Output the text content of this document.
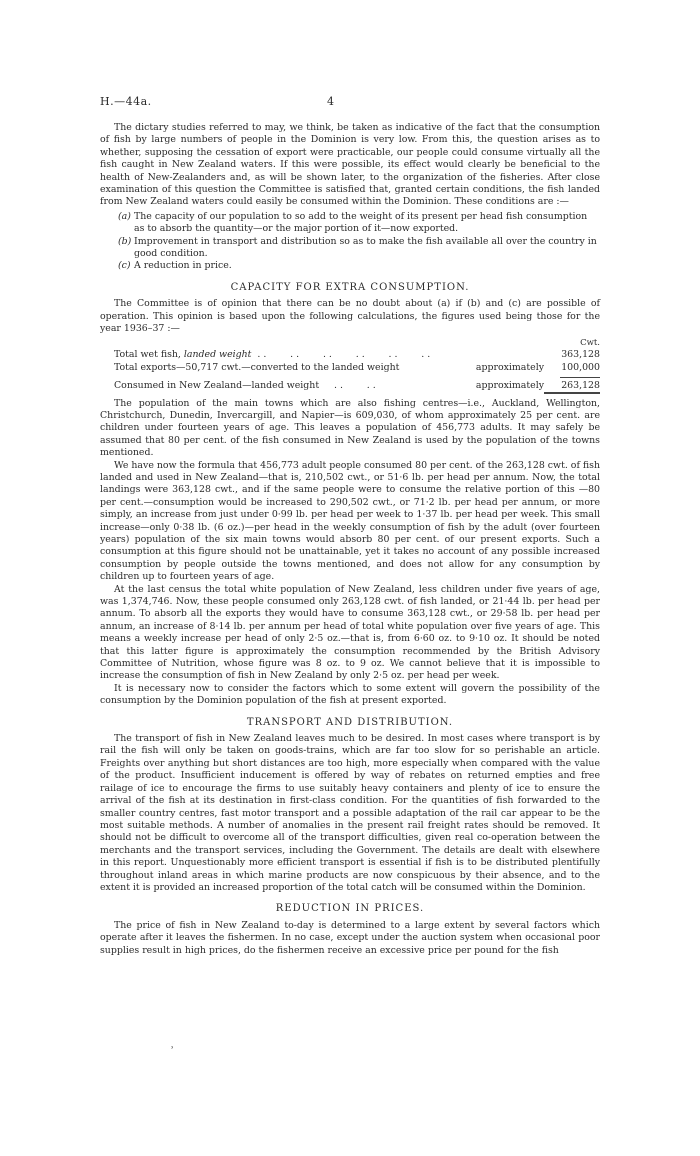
H.—44a.	4

The dictary studies referred to may, we think, be taken as indicative of the fact that the consumption of fish by large numbers of people in the Dominion is very low. From this, the question arises as to whether, supposing the cessation of export were practicable, our people could consume virtually all the fish caught in New Zealand waters. If this were possible, its effect would clearly be beneficial to the health of New-Zealanders and, as will be shown later, to the organization of the fisheries. After close examination of this question the Committee is satisfied that, granted certain conditions, the fish landed from New Zealand waters could easily be consumed within the Dominion. These conditions are :—

(a) The capacity of our population to so add to the weight of its present per head fish consumption as to absorb the quantity—or the major portion of it—now exported.
(b) Improvement in transport and distribution so as to make the fish available all over the country in good condition.
(c) A reduction in price.
CAPACITY FOR EXTRA CONSUMPTION.

The Committee is of opinion that there can be no doubt about (a) if (b) and (c) are possible of operation. This opinion is based upon the following calculations, the figures used being those for the year 1936–37 :—

Cwt.
Total wet fish, landed weight  . .        . .        . .        . .        . .        . .	363,128
Total exports—50,717 cwt.—converted to the landed weight	approximately	100,000
Consumed in New Zealand—landed weight     . .        . .	approximately	263,128

The population of the main towns which are also fishing centres—i.e., Auckland, Wellington, Christchurch, Dunedin, Invercargill, and Napier—is 609,030, of whom approximately 25 per cent. are children under fourteen years of age. This leaves a population of 456,773 adults. It may safely be assumed that 80 per cent. of the fish consumed in New Zealand is used by the population of the towns mentioned.

We have now the formula that 456,773 adult people consumed 80 per cent. of the 263,128 cwt. of fish landed and used in New Zealand—that is, 210,502 cwt., or 51·6 lb. per head per annum. Now, the total landings were 363,128 cwt., and if the same people were to consume the relative portion of this —80 per cent.—consumption would be increased to 290,502 cwt., or 71·2 lb. per head per annum, or more simply, an increase from just under 0·99 lb. per head per week to 1·37 lb. per head per week. This small increase—only 0·38 lb. (6 oz.)—per head in the weekly consumption of fish by the adult (over fourteen years) population of the six main towns would absorb 80 per cent. of our present exports. Such a consumption at this figure should not be unattainable, yet it takes no account of any possible increased consumption by people outside the towns mentioned, and does not allow for any consumption by children up to fourteen years of age.

At the last census the total white population of New Zealand, less children under five years of age, was 1,374,746. Now, these people consumed only 263,128 cwt. of fish landed, or 21·44 lb. per head per annum. To absorb all the exports they would have to consume 363,128 cwt., or 29·58 lb. per head per annum, an increase of 8·14 lb. per annum per head of total white population over five years of age. This means a weekly increase per head of only 2·5 oz.—that is, from 6·60 oz. to 9·10 oz. It should be noted that this latter figure is approximately the consumption recommended by the British Advisory Committee of Nutrition, whose figure was 8 oz. to 9 oz. We cannot believe that it is impossible to increase the consumption of fish in New Zealand by only 2·5 oz. per head per week.

It is necessary now to consider the factors which to some extent will govern the possibility of the consumption by the Dominion population of the fish at present exported.

TRANSPORT AND DISTRIBUTION.

The transport of fish in New Zealand leaves much to be desired. In most cases where transport is by rail the fish will only be taken on goods-trains, which are far too slow for so perishable an article. Freights over anything but short distances are too high, more especially when compared with the value of the product. Insufficient inducement is offered by way of rebates on returned empties and free railage of ice to encourage the firms to use suitably heavy containers and plenty of ice to ensure the arrival of the fish at its destination in first-class condition. For the quantities of fish forwarded to the smaller country centres, fast motor transport and a possible adaptation of the rail car appear to be the most suitable methods. A number of anomalies in the present rail freight rates should be removed. It should not be difficult to overcome all of the transport difficulties, given real co-operation between the merchants and the transport services, including the Government. The details are dealt with elsewhere in this report. Unquestionably more efficient transport is essential if fish is to be distributed plentifully throughout inland areas in which marine products are now conspicuous by their absence, and to the extent it is provided an increased proportion of the total catch will be consumed within the Dominion.

REDUCTION IN PRICES.

The price of fish in New Zealand to-day is determined to a large extent by several factors which operate after it leaves the fishermen. In no case, except under the auction system when occasional poor supplies result in high prices, do the fishermen receive an excessive price per pound for the fish

˒
